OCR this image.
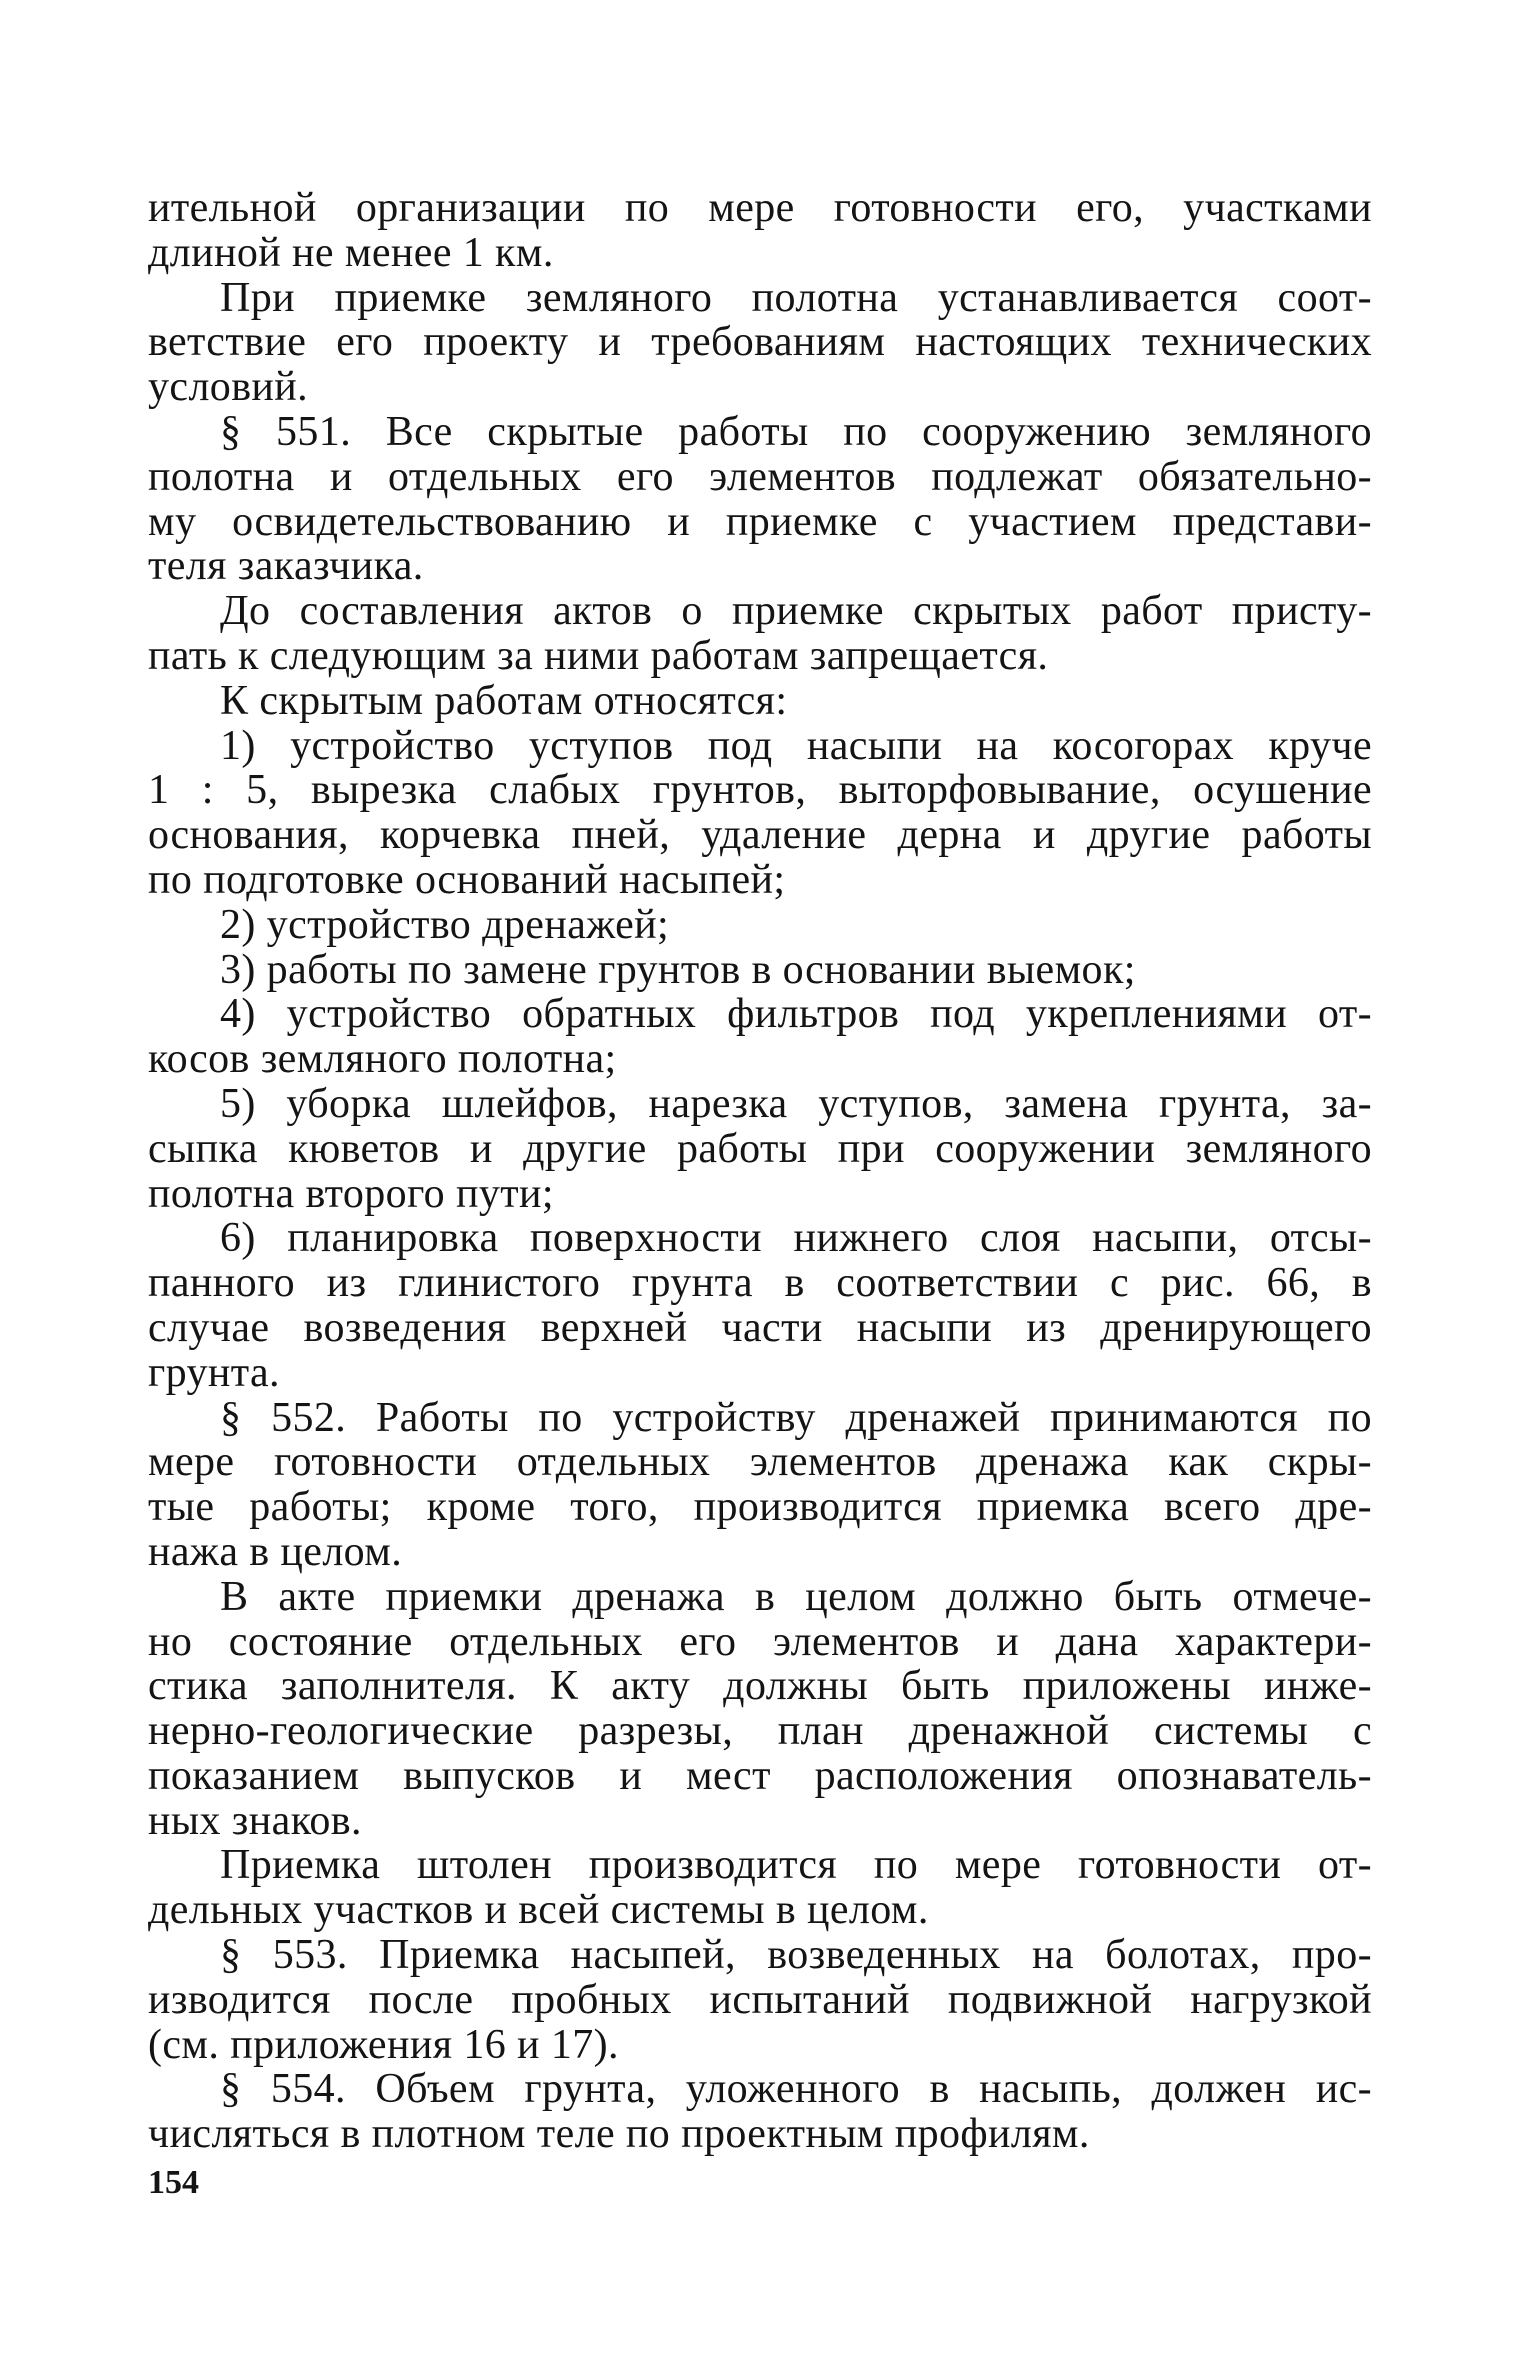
ительной организации по мере готовности его, участками
длиной не менее 1 км.
При приемке земляного полотна устанавливается соот-
ветствие его проекту и требованиям настоящих технических
условий.
§ 551. Все скрытые работы по сооружению земляного
полотна и отдельных его элементов подлежат обязательно-
му освидетельствованию и приемке с участием представи-
теля заказчика.
До составления актов о приемке скрытых работ присту-
пать к следующим за ними работам запрещается.
К скрытым работам относятся:
1) устройство уступов под насыпи на косогорах круче
1 : 5, вырезка слабых грунтов, выторфовывание, осушение
основания, корчевка пней, удаление дерна и другие работы
по подготовке оснований насыпей;
2) устройство дренажей;
3) работы по замене грунтов в основании выемок;
4) устройство обратных фильтров под укреплениями от-
косов земляного полотна;
5) уборка шлейфов, нарезка уступов, замена грунта, за-
сыпка кюветов и другие работы при сооружении земляного
полотна второго пути;
6) планировка поверхности нижнего слоя насыпи, отсы-
панного из глинистого грунта в соответствии с рис. 66, в
случае возведения верхней части насыпи из дренирующего
грунта.
§ 552. Работы по устройству дренажей принимаются по
мере готовности отдельных элементов дренажа как скры-
тые работы; кроме того, производится приемка всего дре-
нажа в целом.
В акте приемки дренажа в целом должно быть отмече-
но состояние отдельных его элементов и дана характери-
стика заполнителя. К акту должны быть приложены инже-
нерно-геологические разрезы, план дренажной системы с
показанием выпусков и мест расположения опознаватель-
ных знаков.
Приемка штолен производится по мере готовности от-
дельных участков и всей системы в целом.
§ 553. Приемка насыпей, возведенных на болотах, про-
изводится после пробных испытаний подвижной нагрузкой
(см. приложения 16 и 17).
§ 554. Объем грунта, уложенного в насыпь, должен ис-
числяться в плотном теле по проектным профилям.
154
